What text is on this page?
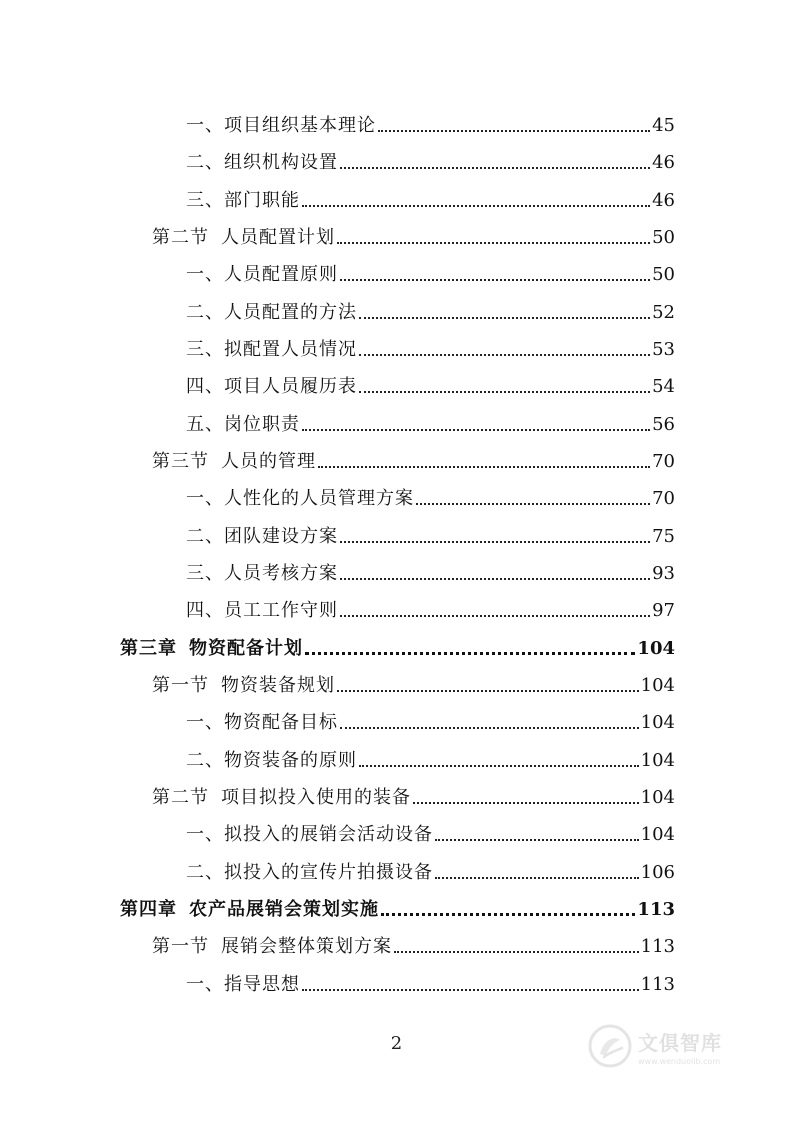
一、 项目组织基本理论	45
二、 组织机构设置	46
三、 部门职能	46
第二节 人员配置计划	50
一、 人员配置原则	50
二、 人员配置的方法	52
三、 拟配置人员情况	53
四、 项目人员履历表	54
五、 岗位职责	56
第三节 人员的管理	70
一、 人性化的人员管理方案	70
二、 团队建设方案	75
三、 人员考核方案	93
四、 员工工作守则	97
第三章 物资配备计划	104
第一节 物资装备规划	104
一、 物资配备目标	104
二、 物资装备的原则	104
第二节 项目拟投入使用的装备	104
一、 拟投入的展销会活动设备	104
二、 拟投入的宣传片拍摄设备	106
第四章 农产品展销会策划实施	113
第一节 展销会整体策划方案	113
一、 指导思想	113
2	文俱智库
www.wenduolib.com
